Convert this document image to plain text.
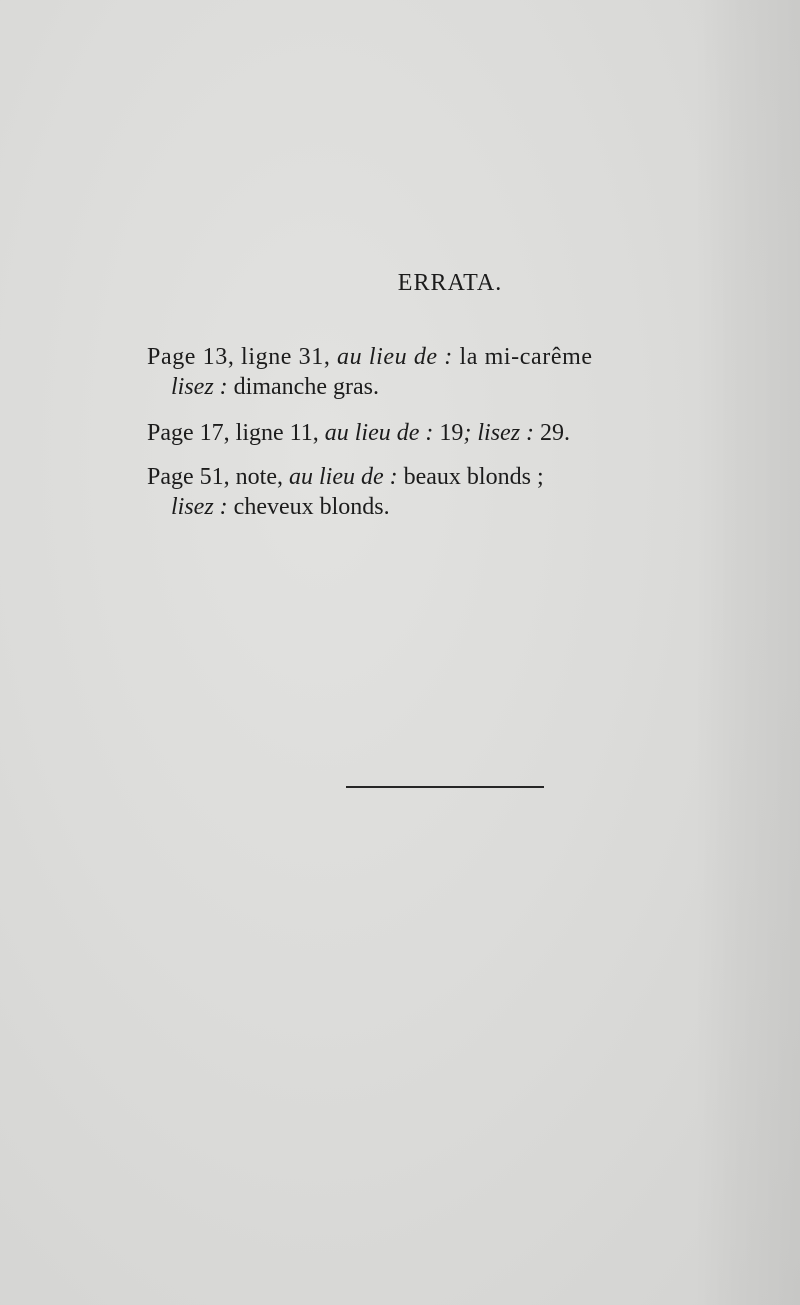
ERRATA.
Page 13, ligne 31, au lieu de : la mi-carême
lisez : dimanche gras.
Page 17, ligne 11, au lieu de : 19; lisez : 29.
Page 51, note, au lieu de : beaux blonds ;
lisez : cheveux blonds.
